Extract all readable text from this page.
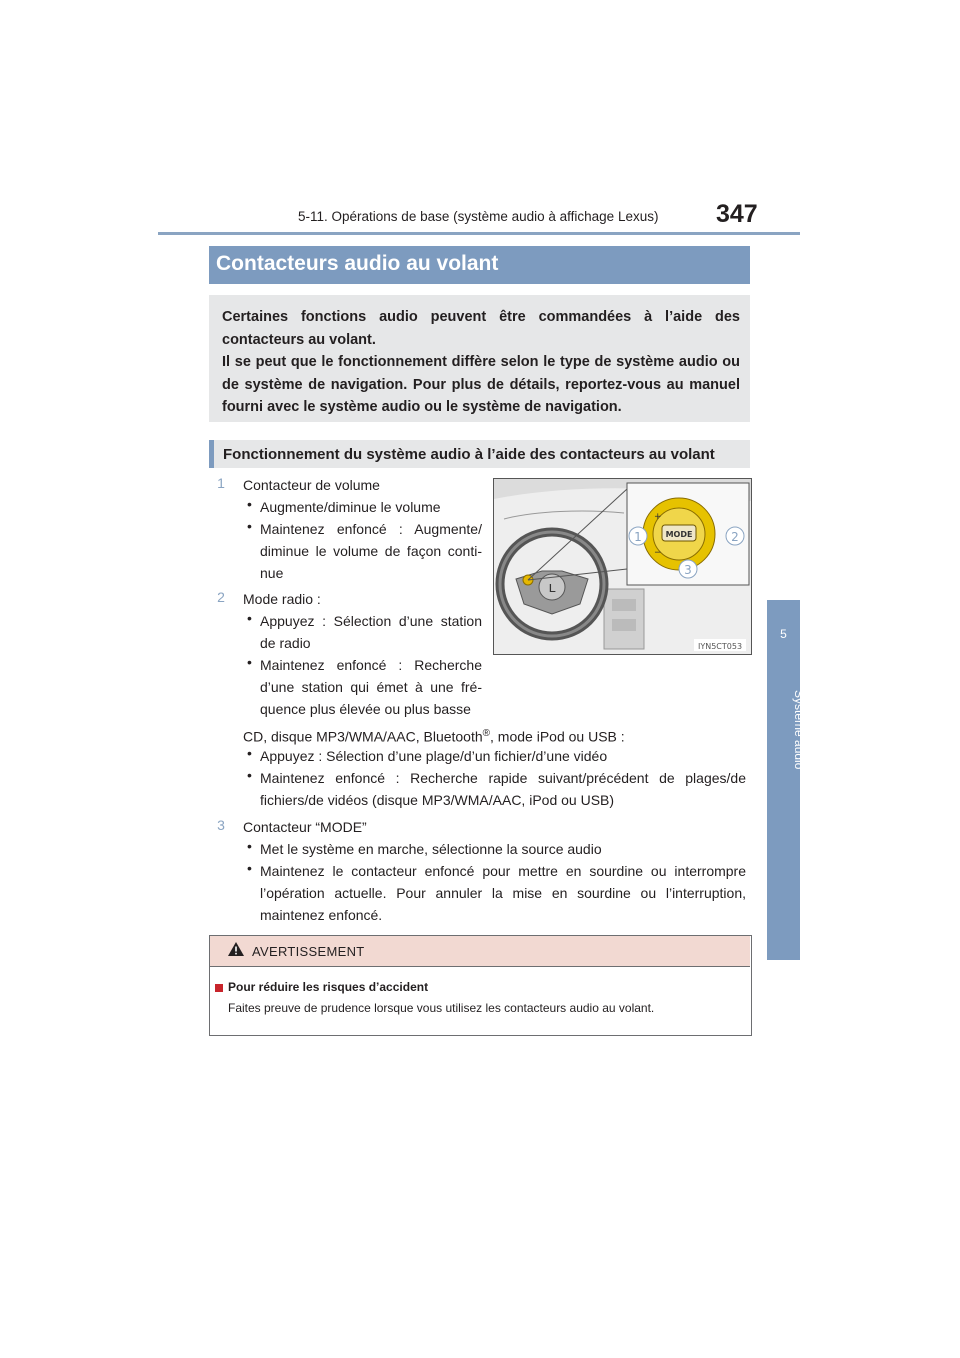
5-11. Opérations de base (système audio à affichage Lexus) 347
5
Système audio
Contacteurs audio au volant

Certaines fonctions audio peuvent être commandées à l’aide des contacteurs au volant.

Il se peut que le fonctionnement diffère selon le type de système audio ou de système de navigation. Pour plus de détails, reportez-vous au manuel fourni avec le système audio ou le système de navigation.

Fonctionnement du système audio à l’aide des contacteurs au volant
1 Contacteur de volume
• Augmente/diminue le volume
• Maintenez enfoncé : Augmente/ diminue le volume de façon conti- nue
2 Mode radio :
• Appuyez : Sélection d’une station de radio
• Maintenez enfoncé : Recherche d’une station qui émet à une fré- quence plus élevée ou plus basse
CD, disque MP3/WMA/AAC, Bluetooth®, mode iPod ou USB :
• Appuyez : Sélection d’une plage/d’un fichier/d’une vidéo
• Maintenez enfoncé : Recherche rapide suivant/précédent de plages/de fichiers/de vidéos (disque MP3/WMA/AAC, iPod ou USB)
3 Contacteur “MODE”
• Met le système en marche, sélectionne la source audio
• Maintenez le contacteur enfoncé pour mettre en sourdine ou interrompre l’opération actuelle. Pour annuler la mise en sourdine ou l’interruption, maintenez enfoncé.
ʟ
MODE
+
−
1	2
3
IYN5CT053
AVERTISSEMENT
Pour réduire les risques d’accident
Faites preuve de prudence lorsque vous utilisez les contacteurs audio au volant.
